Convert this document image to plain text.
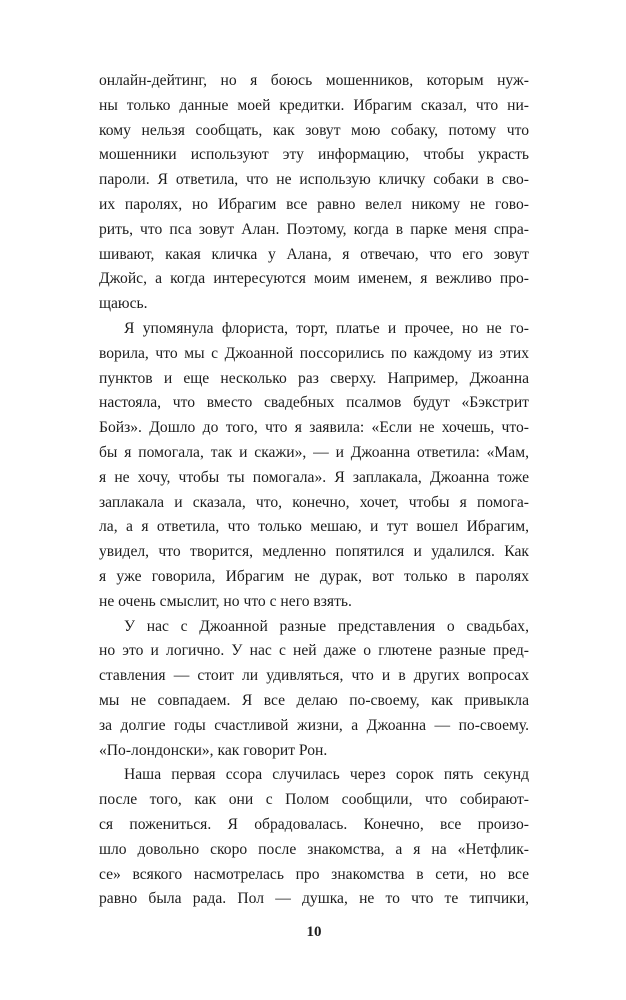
онлайн-дейтинг, но я боюсь мошенников, которым нуж-
ны только данные моей кредитки. Ибрагим сказал, что ни-
кому нельзя сообщать, как зовут мою собаку, потому что
мошенники используют эту информацию, чтобы украсть
пароли. Я ответила, что не использую кличку собаки в сво-
их паролях, но Ибрагим все равно велел никому не гово-
рить, что пса зовут Алан. Поэтому, когда в парке меня спра-
шивают, какая кличка у Алана, я отвечаю, что его зовут
Джойс, а когда интересуются моим именем, я вежливо про-
щаюсь.
Я упомянула флориста, торт, платье и прочее, но не го-
ворила, что мы с Джоанной поссорились по каждому из этих
пунктов и еще несколько раз сверху. Например, Джоанна
настояла, что вместо свадебных псалмов будут «Бэкстрит
Бойз». Дошло до того, что я заявила: «Если не хочешь, что-
бы я помогала, так и скажи», — и Джоанна ответила: «Мам,
я не хочу, чтобы ты помогала». Я заплакала, Джоанна тоже
заплакала и сказала, что, конечно, хочет, чтобы я помога-
ла, а я ответила, что только мешаю, и тут вошел Ибрагим,
увидел, что творится, медленно попятился и удалился. Как
я уже говорила, Ибрагим не дурак, вот только в паролях
не очень смыслит, но что с него взять.
У нас с Джоанной разные представления о свадьбах,
но это и логично. У нас с ней даже о глютене разные пред-
ставления — стоит ли удивляться, что и в других вопросах
мы не совпадаем. Я все делаю по-своему, как привыкла
за долгие годы счастливой жизни, а Джоанна — по-своему.
«По-лондонски», как говорит Рон.
Наша первая ссора случилась через сорок пять секунд
после того, как они с Полом сообщили, что собирают-
ся пожениться. Я обрадовалась. Конечно, все произо-
шло довольно скоро после знакомства, а я на «Нетфлик-
се» всякого насмотрелась про знакомства в сети, но все
равно была рада. Пол — душка, не то что те типчики,
10
